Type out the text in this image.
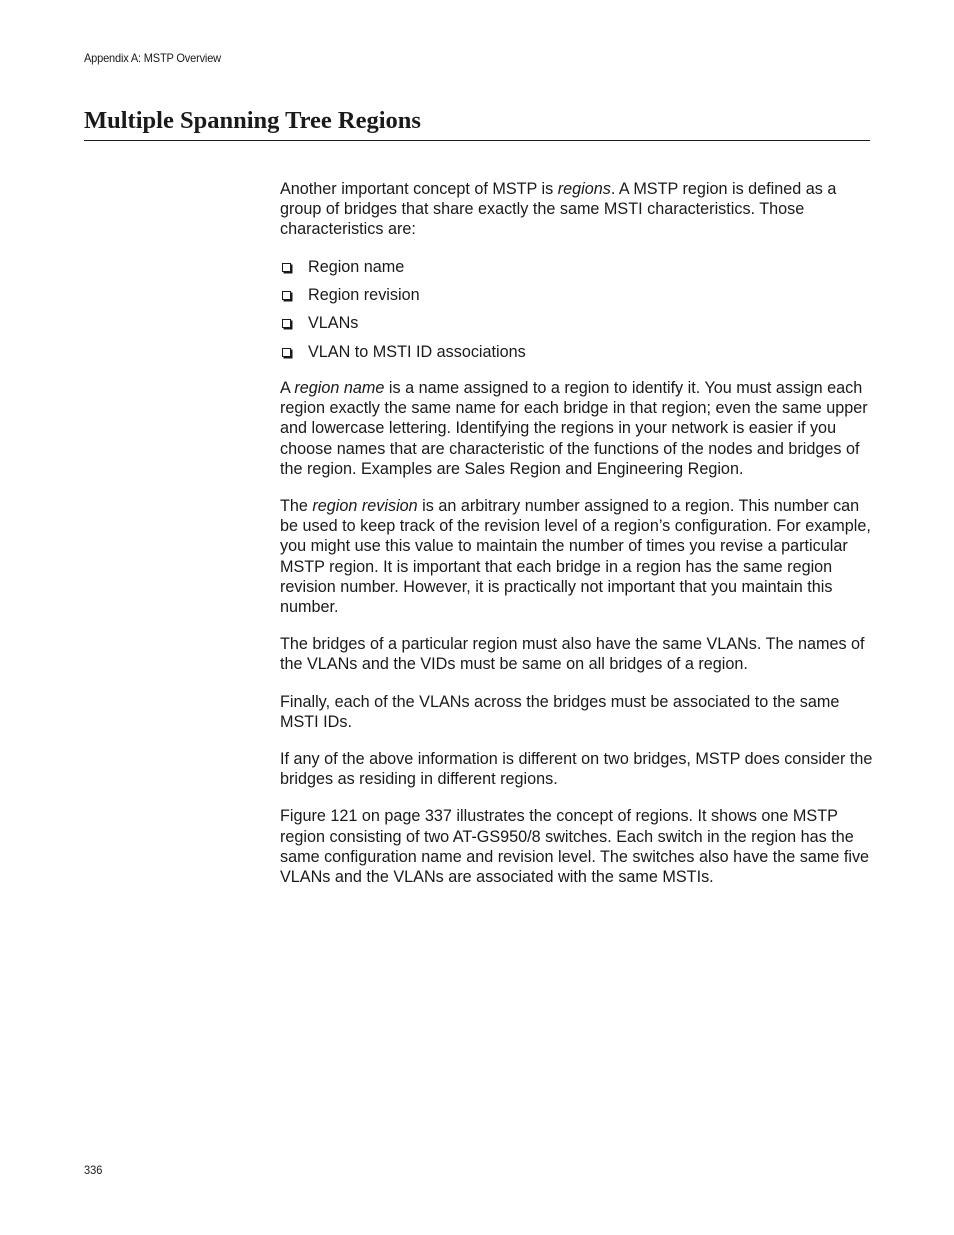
Appendix A: MSTP Overview
Multiple Spanning Tree Regions

Another important concept of MSTP is regions. A MSTP region is defined as a group of bridges that share exactly the same MSTI characteristics. Those characteristics are:

Region name
Region revision
VLANs
VLAN to MSTI ID associations

A region name is a name assigned to a region to identify it. You must assign each region exactly the same name for each bridge in that region; even the same upper and lowercase lettering. Identifying the regions in your network is easier if you choose names that are characteristic of the functions of the nodes and bridges of the region. Examples are Sales Region and Engineering Region.

The region revision is an arbitrary number assigned to a region. This number can be used to keep track of the revision level of a region’s configuration. For example, you might use this value to maintain the number of times you revise a particular MSTP region. It is important that each bridge in a region has the same region revision number. However, it is practically not important that you maintain this number.

The bridges of a particular region must also have the same VLANs. The names of the VLANs and the VIDs must be same on all bridges of a region.

Finally, each of the VLANs across the bridges must be associated to the same MSTI IDs.

If any of the above information is different on two bridges, MSTP does consider the bridges as residing in different regions.

Figure 121 on page 337 illustrates the concept of regions. It shows one MSTP region consisting of two AT-GS950/8 switches. Each switch in the region has the same configuration name and revision level. The switches also have the same five VLANs and the VLANs are associated with the same MSTIs.

336
